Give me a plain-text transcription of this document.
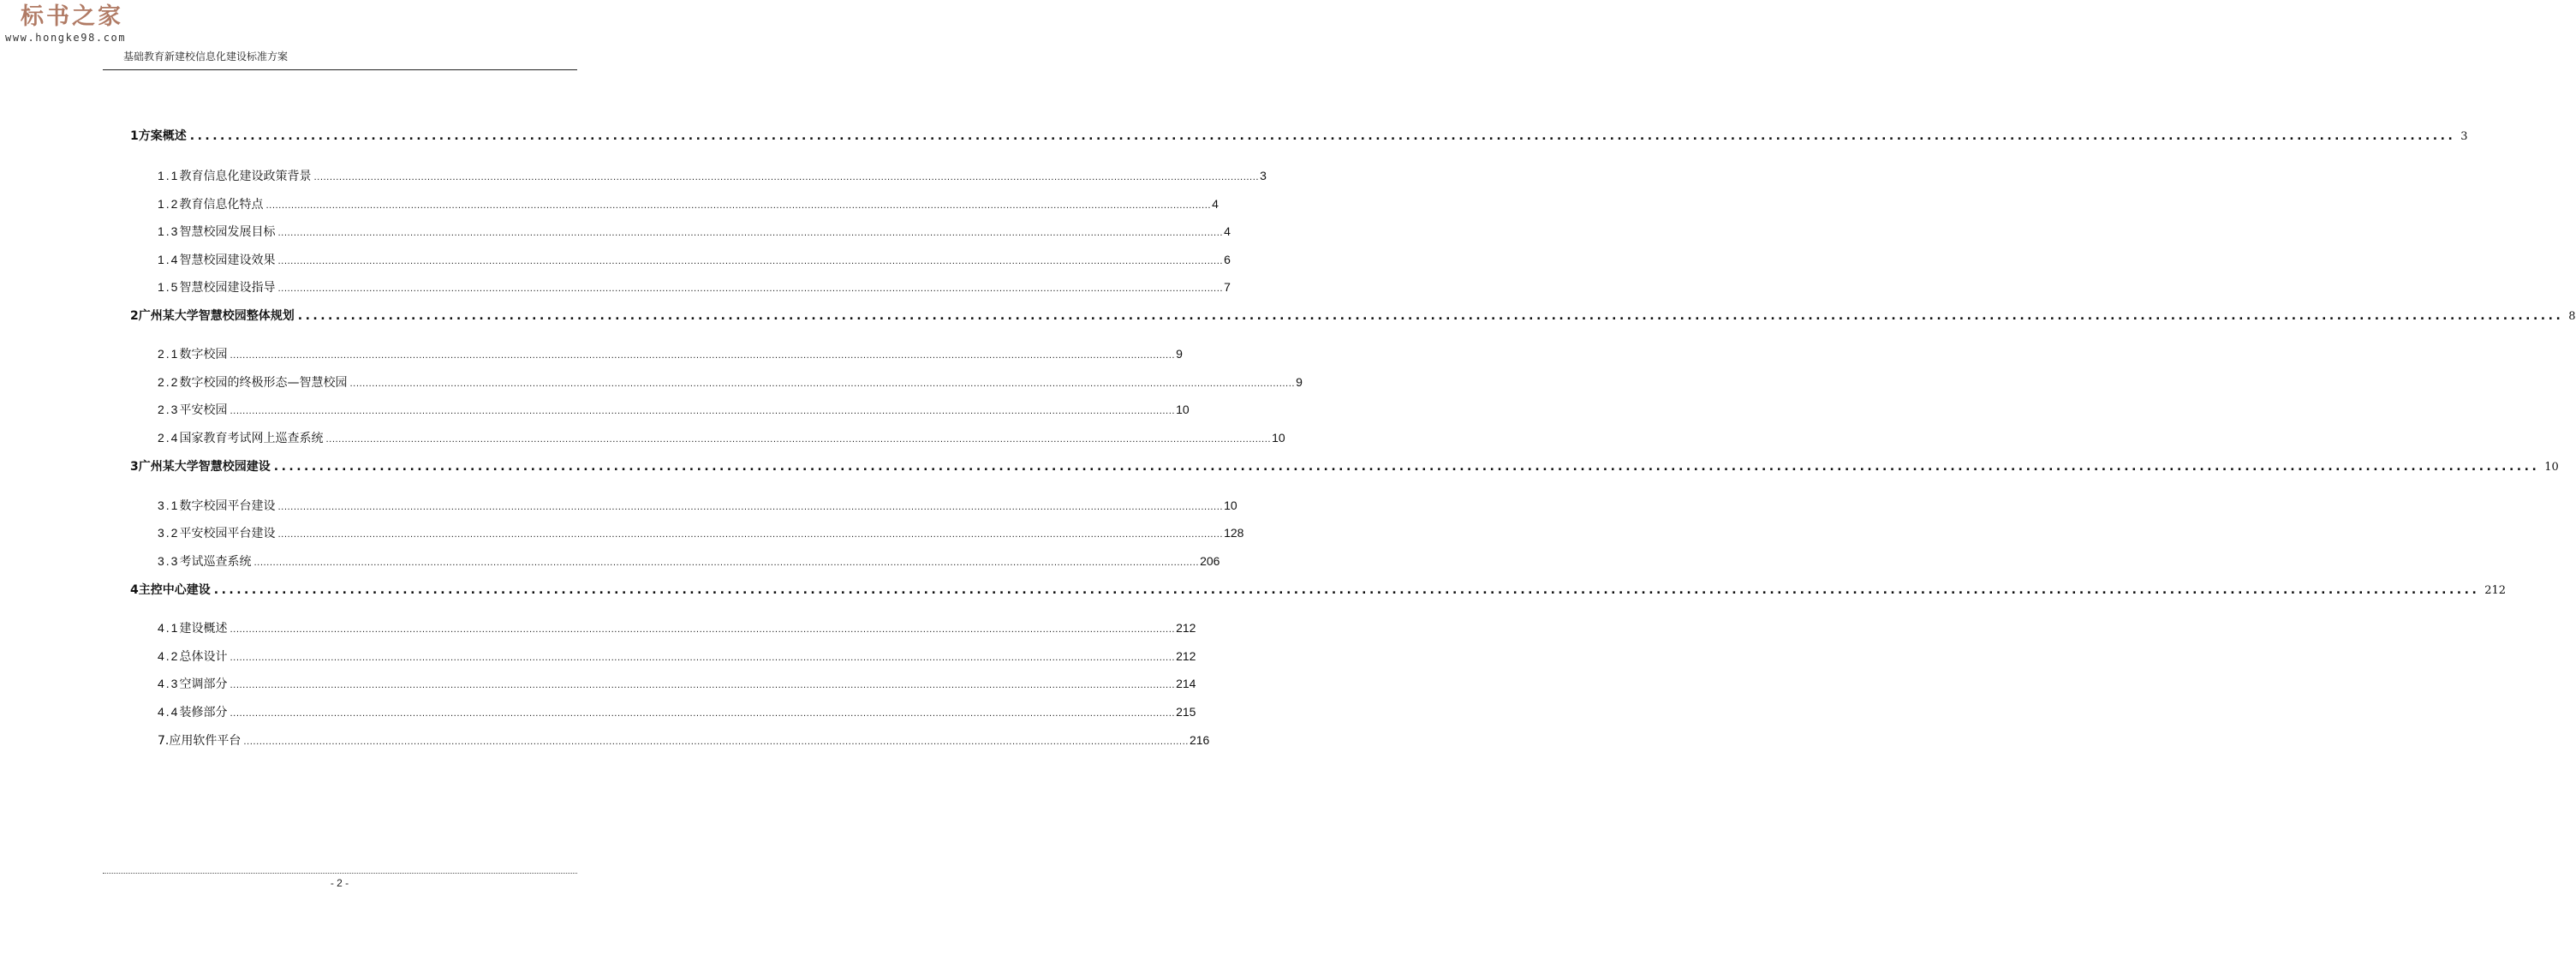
标书之家
www.hongke98.com
基础教育新建校信息化建设标准方案
1 方案概述 ............................................................................................................................................................................................................................................................................................................ 3
1.1 教育信息化建设政策背景 ............................................................................................................................................................................................................................................................................................................ 3
1.2 教育信息化特点 ............................................................................................................................................................................................................................................................................................................ 4
1.3 智慧校园发展目标 ............................................................................................................................................................................................................................................................................................................ 4
1.4 智慧校园建设效果 ............................................................................................................................................................................................................................................................................................................ 6
1.5 智慧校园建设指导 ............................................................................................................................................................................................................................................................................................................ 7
2 广州某大学智慧校园整体规划 ............................................................................................................................................................................................................................................................................................................ 8
2.1 数字校园 ............................................................................................................................................................................................................................................................................................................ 9
2.2 数字校园的终极形态—智慧校园 ............................................................................................................................................................................................................................................................................................................ 9
2.3 平安校园 ............................................................................................................................................................................................................................................................................................................ 10
2.4 国家教育考试网上巡查系统 ............................................................................................................................................................................................................................................................................................................ 10
3 广州某大学智慧校园建设 ............................................................................................................................................................................................................................................................................................................ 10
3.1 数字校园平台建设 ............................................................................................................................................................................................................................................................................................................ 10
3.2 平安校园平台建设 ............................................................................................................................................................................................................................................................................................................ 128
3.3 考试巡查系统 ............................................................................................................................................................................................................................................................................................................ 206
4 主控中心建设 ............................................................................................................................................................................................................................................................................................................ 212
4.1 建设概述 ............................................................................................................................................................................................................................................................................................................ 212
4.2 总体设计 ............................................................................................................................................................................................................................................................................................................ 212
4.3 空调部分 ............................................................................................................................................................................................................................................................................................................ 214
4.4 装修部分 ............................................................................................................................................................................................................................................................................................................ 215
7.应用软件平台 ............................................................................................................................................................................................................................................................................................................ 216
- 2 -
